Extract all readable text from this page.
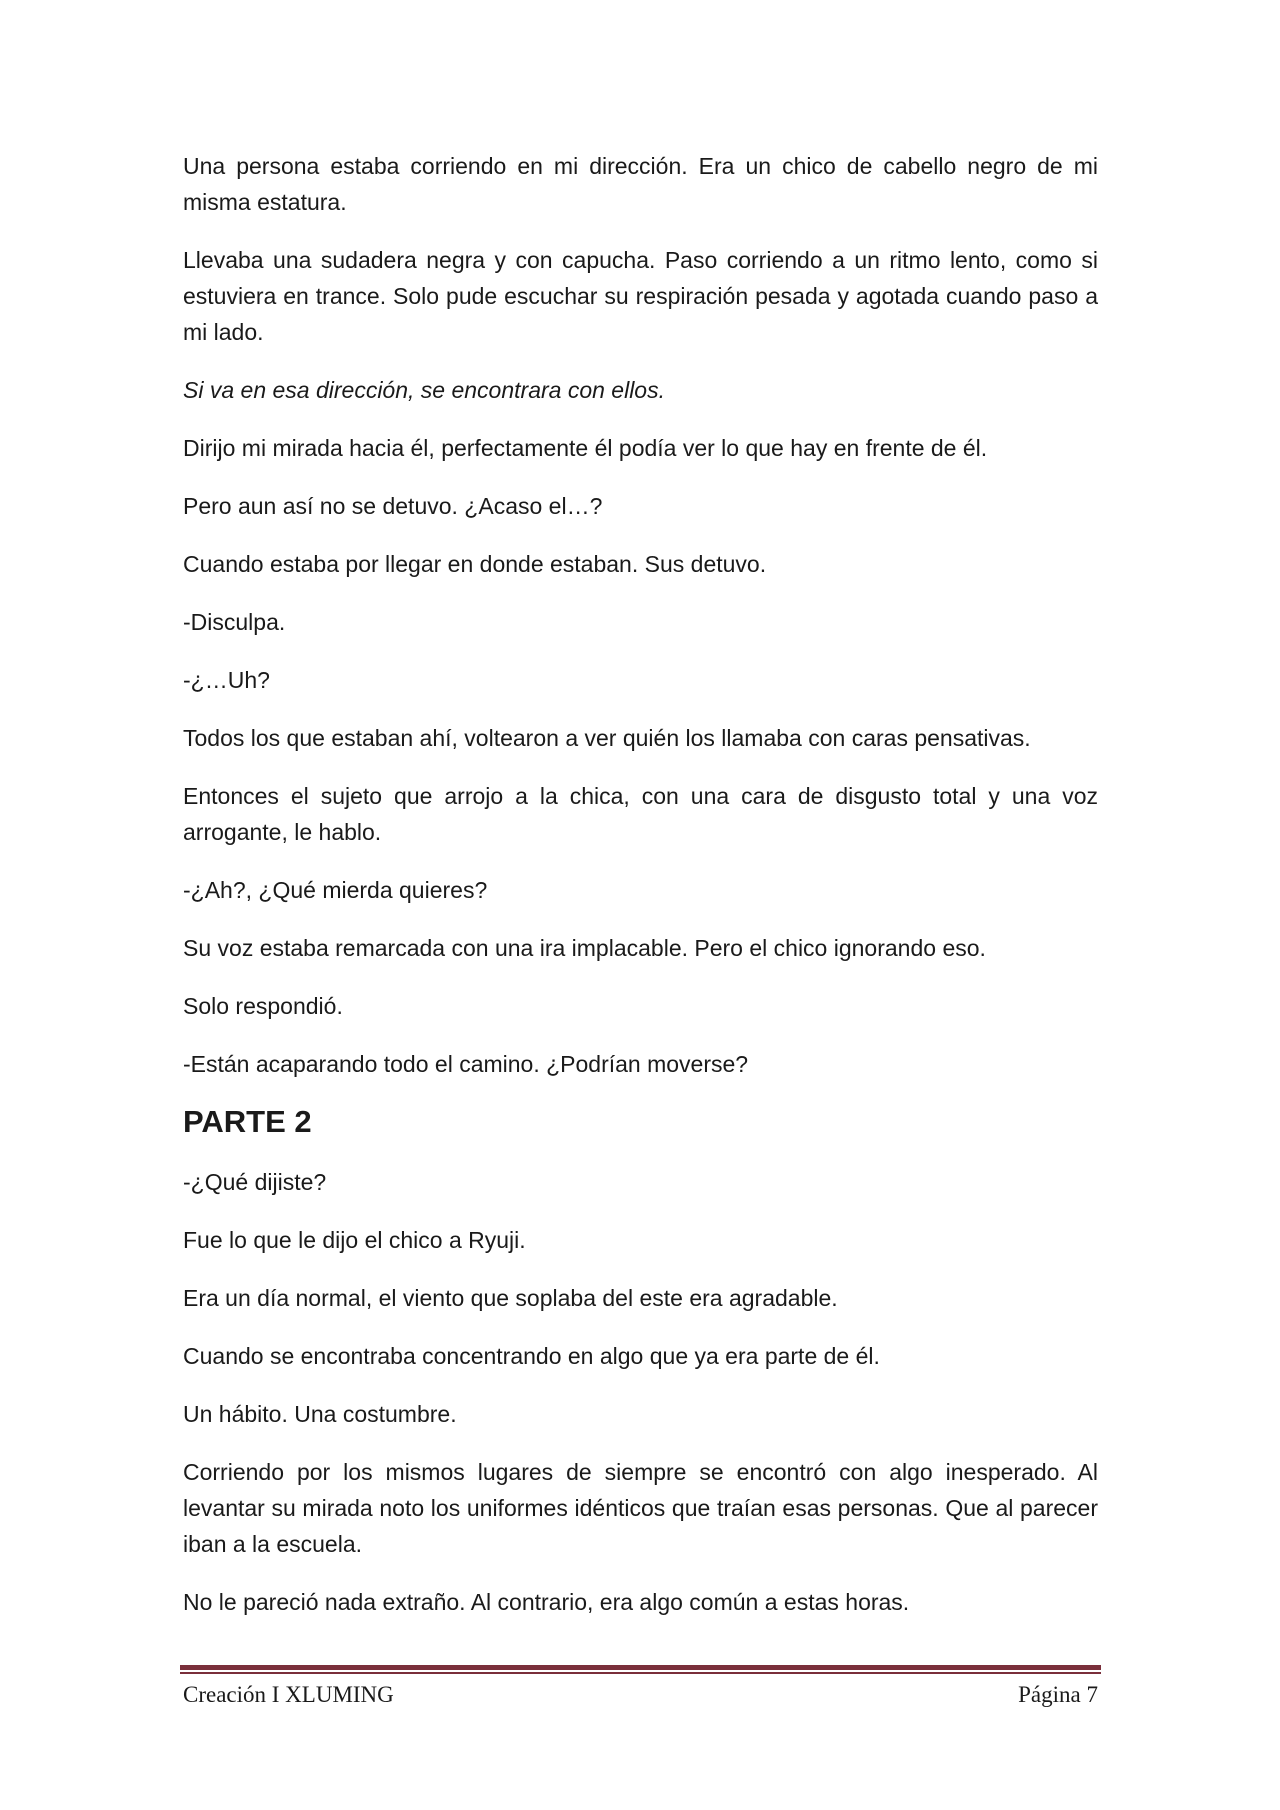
Una persona estaba corriendo en mi dirección. Era un chico de cabello negro de mi misma estatura.

Llevaba una sudadera negra y con capucha. Paso corriendo a un ritmo lento, como si estuviera en trance. Solo pude escuchar su respiración pesada y agotada cuando paso a mi lado.

Si va en esa dirección, se encontrara con ellos.

Dirijo mi mirada hacia él, perfectamente él podía ver lo que hay en frente de él.

Pero aun así no se detuvo. ¿Acaso el…?

Cuando estaba por llegar en donde estaban. Sus detuvo.

-Disculpa.

-¿…Uh?

Todos los que estaban ahí, voltearon a ver quién los llamaba con caras pensativas.

Entonces el sujeto que arrojo a la chica, con una cara de disgusto total y una voz arrogante, le hablo.

-¿Ah?, ¿Qué mierda quieres?

Su voz estaba remarcada con una ira implacable. Pero el chico ignorando eso.

Solo respondió.

-Están acaparando todo el camino. ¿Podrían moverse?

PARTE 2

-¿Qué dijiste?

Fue lo que le dijo el chico a Ryuji.

Era un día normal, el viento que soplaba del este era agradable.

Cuando se encontraba concentrando en algo que ya era parte de él.

Un hábito. Una costumbre.

Corriendo por los mismos lugares de siempre se encontró con algo inesperado. Al levantar su mirada noto los uniformes idénticos que traían esas personas. Que al parecer iban a la escuela.

No le pareció nada extraño. Al contrario, era algo común a estas horas.

Creación I XLUMING	Página 7
